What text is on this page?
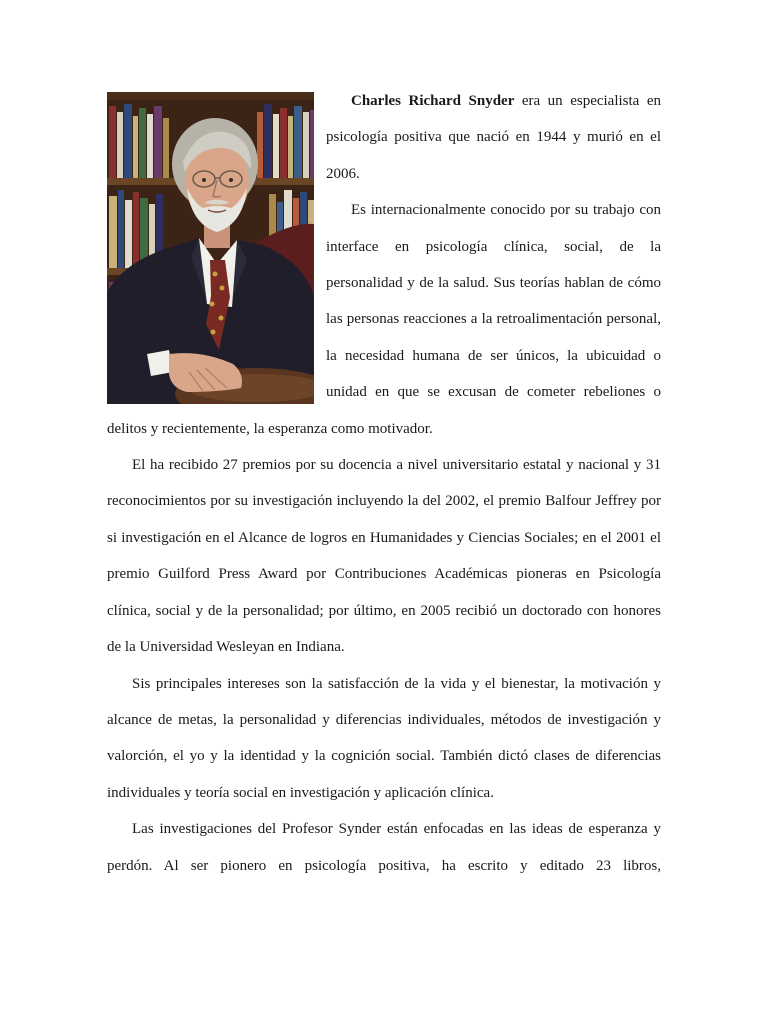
Charles Richard Snyder era un especialista en psicología positiva que nació en 1944 y murió en el 2006.

Es internacionalmente conocido por su trabajo con interface en psicología clínica, social, de la personalidad y de la salud. Sus teorías hablan de cómo las personas reacciones a la retroalimentación personal, la necesidad humana de ser únicos, la ubicuidad o unidad en que se excusan de cometer rebeliones o delitos y recientemente, la esperanza como motivador.

El ha recibido 27 premios por su docencia a nivel universitario estatal y nacional y 31 reconocimientos por su investigación incluyendo la del 2002, el premio Balfour Jeffrey por si investigación en el Alcance de logros en Humanidades y Ciencias Sociales; en el 2001 el premio Guilford Press Award por Contribuciones Académicas pioneras en Psicología clínica, social y de la personalidad; por último, en 2005 recibió un doctorado con honores de la Universidad Wesleyan en Indiana.

Sis principales intereses son la satisfacción de la vida y el bienestar, la motivación y alcance de metas, la personalidad y diferencias individuales, métodos de investigación y valorción, el yo y la identidad y la cognición social. También dictó clases de diferencias individuales y teoría social en investigación y aplicación clínica.

Las investigaciones del Profesor Synder están enfocadas en las ideas de esperanza y perdón. Al ser pionero en psicología positiva, ha escrito y editado 23 libros,
